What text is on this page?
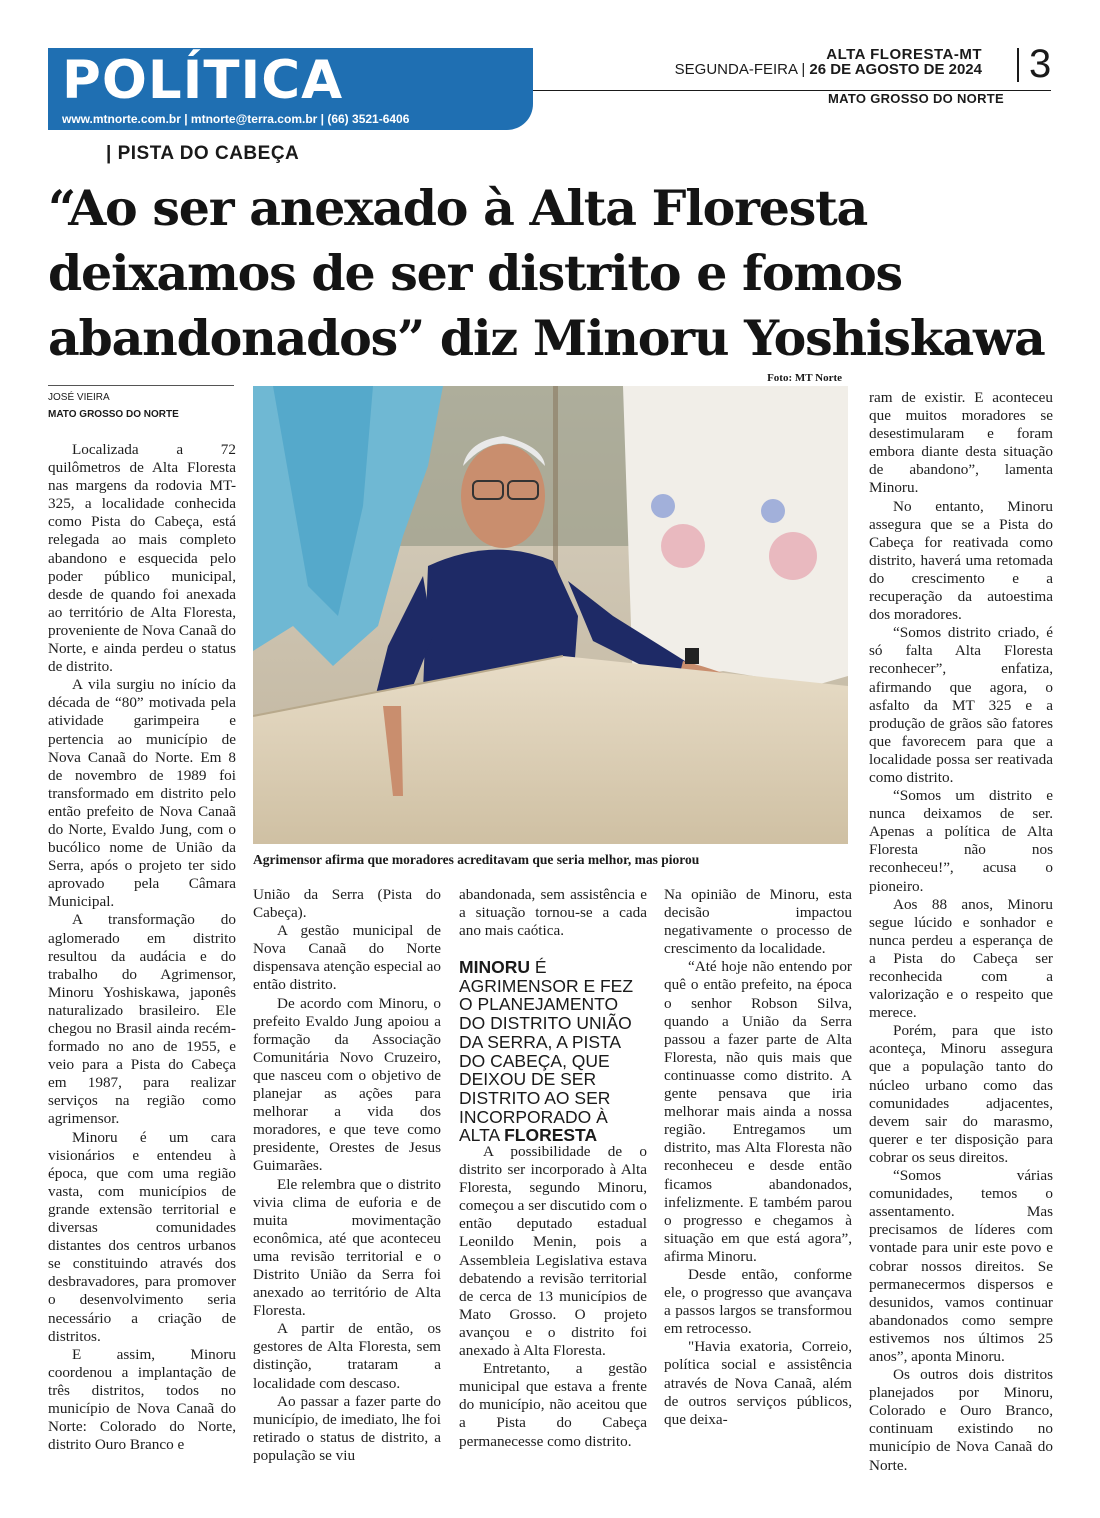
POLÍTICA
www.mtnorte.com.br | mtnorte@terra.com.br | (66) 3521-6406
ALTA FLORESTA-MT
SEGUNDA-FEIRA | 26 DE AGOSTO DE 2024 3
MATO GROSSO DO NORTE
| PISTA DO CABEÇA
“Ao ser anexado à Alta Floresta deixamos de ser distrito e fomos abandonados” diz Minoru Yoshiskawa
JOSÉ VIEIRA
MATO GROSSO DO NORTE
Foto: MT Norte
Agrimensor afirma que moradores acreditavam que seria melhor, mas piorou

Localizada a 72 quilômetros de Alta Floresta nas margens da rodovia MT-325, a localidade conhecida como Pista do Cabeça, está relegada ao mais completo abandono e esquecida pelo poder público municipal, desde de quando foi anexada ao território de Alta Floresta, proveniente de Nova Canaã do Norte, e ainda perdeu o status de distrito.

A vila surgiu no início da década de “80” motivada pela atividade garimpeira e pertencia ao município de Nova Canaã do Norte. Em 8 de novembro de 1989 foi transformado em distrito pelo então prefeito de Nova Canaã do Norte, Evaldo Jung, com o bucólico nome de União da Serra, após o projeto ter sido aprovado pela Câmara Municipal.

A transformação do aglomerado em distrito resultou da audácia e do trabalho do Agrimensor, Minoru Yoshiskawa, japonês naturalizado brasileiro. Ele chegou no Brasil ainda recém-formado no ano de 1955, e veio para a Pista do Cabeça em 1987, para realizar serviços na região como agrimensor.

Minoru é um cara visionários e entendeu à época, que com uma região vasta, com municípios de grande extensão territorial e diversas comunidades distantes dos centros urbanos se constituindo através dos desbravadores, para promover o desenvolvimento seria necessário a criação de distritos.

E assim, Minoru coordenou a implantação de três distritos, todos no município de Nova Canaã do Norte: Colorado do Norte, distrito Ouro Branco e

União da Serra (Pista do Cabeça).

A gestão municipal de Nova Canaã do Norte dispensava atenção especial ao então distrito.

De acordo com Minoru, o prefeito Evaldo Jung apoiou a formação da Associação Comunitária Novo Cruzeiro, que nasceu com o objetivo de planejar as ações para melhorar a vida dos moradores, e que teve como presidente, Orestes de Jesus Guimarães.

Ele relembra que o distrito vivia clima de euforia e de muita movimentação econômica, até que aconteceu uma revisão territorial e o Distrito União da Serra foi anexado ao território de Alta Floresta.

A partir de então, os gestores de Alta Floresta, sem distinção, trataram a localidade com descaso.

Ao passar a fazer parte do município, de imediato, lhe foi retirado o status de distrito, a população se viu

abandonada, sem assistência e a situação tornou-se a cada ano mais caótica.

MINORU É AGRIMENSOR E FEZ O PLANEJAMENTO DO DISTRITO UNIÃO DA SERRA, A PISTA DO CABEÇA, QUE DEIXOU DE SER DISTRITO AO SER INCORPORADO À ALTA FLORESTA

A possibilidade de o distrito ser incorporado à Alta Floresta, segundo Minoru, começou a ser discutido com o então deputado estadual Leonildo Menin, pois a Assembleia Legislativa estava debatendo a revisão territorial de cerca de 13 municípios de Mato Grosso. O projeto avançou e o distrito foi anexado à Alta Floresta.

Entretanto, a gestão municipal que estava a frente do município, não aceitou que a Pista do Cabeça permanecesse como distrito.

Na opinião de Minoru, esta decisão impactou negativamente o processo de crescimento da localidade.

“Até hoje não entendo por quê o então prefeito, na época o senhor Robson Silva, quando a União da Serra passou a fazer parte de Alta Floresta, não quis mais que continuasse como distrito. A gente pensava que iria melhorar mais ainda a nossa região. Entregamos um distrito, mas Alta Floresta não reconheceu e desde então ficamos abandonados, infelizmente. E também parou o progresso e chegamos à situação em que está agora”, afirma Minoru.

Desde então, conforme ele, o progresso que avançava a passos largos se transformou em retrocesso.

"Havia exatoria, Correio, política social e assistência através de Nova Canaã, além de outros serviços públicos, que deixa-

ram de existir. E aconteceu que muitos moradores se desestimularam e foram embora diante desta situação de abandono”, lamenta Minoru.

No entanto, Minoru assegura que se a Pista do Cabeça for reativada como distrito, haverá uma retomada do crescimento e a recuperação da autoestima dos moradores.

“Somos distrito criado, é só falta Alta Floresta reconhecer”, enfatiza, afirmando que agora, o asfalto da MT 325 e a produção de grãos são fatores que favorecem para que a localidade possa ser reativada como distrito.

“Somos um distrito e nunca deixamos de ser. Apenas a política de Alta Floresta não nos reconheceu!”, acusa o pioneiro.

Aos 88 anos, Minoru segue lúcido e sonhador e nunca perdeu a esperança de a Pista do Cabeça ser reconhecida com a valorização e o respeito que merece.

Porém, para que isto aconteça, Minoru assegura que a população tanto do núcleo urbano como das comunidades adjacentes, devem sair do marasmo, querer e ter disposição para cobrar os seus direitos.

“Somos várias comunidades, temos o assentamento. Mas precisamos de líderes com vontade para unir este povo e cobrar nossos direitos. Se permanecermos dispersos e desunidos, vamos continuar abandonados como sempre estivemos nos últimos 25 anos”, aponta Minoru.

Os outros dois distritos planejados por Minoru, Colorado e Ouro Branco, continuam existindo no município de Nova Canaã do Norte.
